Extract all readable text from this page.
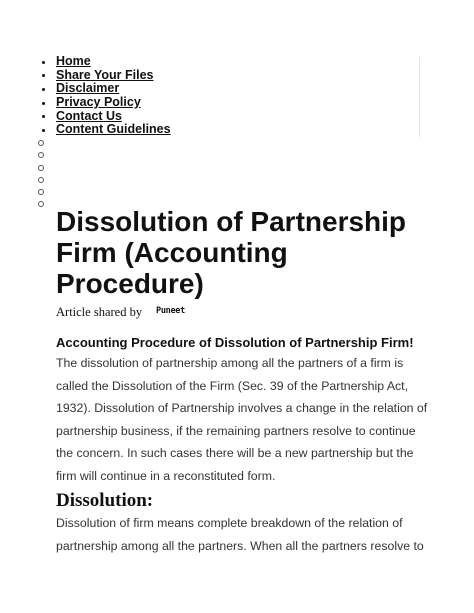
Home
Share Your Files
Disclaimer
Privacy Policy
Contact Us
Content Guidelines
Dissolution of Partnership Firm (Accounting Procedure)
Article shared by Puneet
Accounting Procedure of Dissolution of Partnership Firm!
The dissolution of partnership among all the partners of a firm is
called the Dissolution of the Firm (Sec. 39 of the Partnership Act,
1932). Dissolution of Partnership involves a change in the relation of
partnership business, if the remaining partners resolve to continue
the concern. In such cases there will be a new partnership but the
firm will continue in a reconstituted form.
Dissolution:
Dissolution of firm means complete breakdown of the relation of
partnership among all the partners. When all the partners resolve to
